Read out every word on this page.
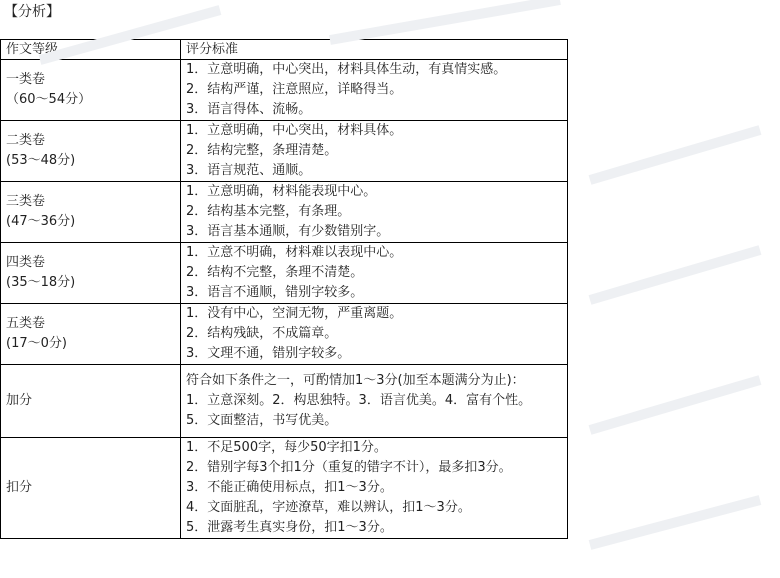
【分析】
作文等级	评分标准

一类卷
（60～54分）	1．立意明确，中心突出，材料具体生动，有真情实感。
2．结构严谨，注意照应，详略得当。
3．语言得体、流畅。

二类卷
(53～48分)	1．立意明确，中心突出，材料具体。
2．结构完整，条理清楚。
3．语言规范、通顺。

三类卷
(47～36分)	1．立意明确，材料能表现中心。
2．结构基本完整，有条理。
3．语言基本通顺，有少数错别字。

四类卷
(35～18分)	1．立意不明确，材料难以表现中心。
2．结构不完整，条理不清楚。
3．语言不通顺，错别字较多。

五类卷
(17～0分)	1．没有中心，空洞无物，严重离题。
2．结构残缺，不成篇章。
3．文理不通，错别字较多。

加分	符合如下条件之一，可酌情加1～3分(加至本题满分为止)：
1．立意深刻。2．构思独特。3．语言优美。4．富有个性。
5．文面整洁，书写优美。

扣分	1．不足500字，每少50字扣1分。
2．错别字每3个扣1分（重复的错字不计），最多扣3分。
3．不能正确使用标点，扣1～3分。
4．文面脏乱，字迹潦草，难以辨认，扣1～3分。
5．泄露考生真实身份，扣1～3分。
